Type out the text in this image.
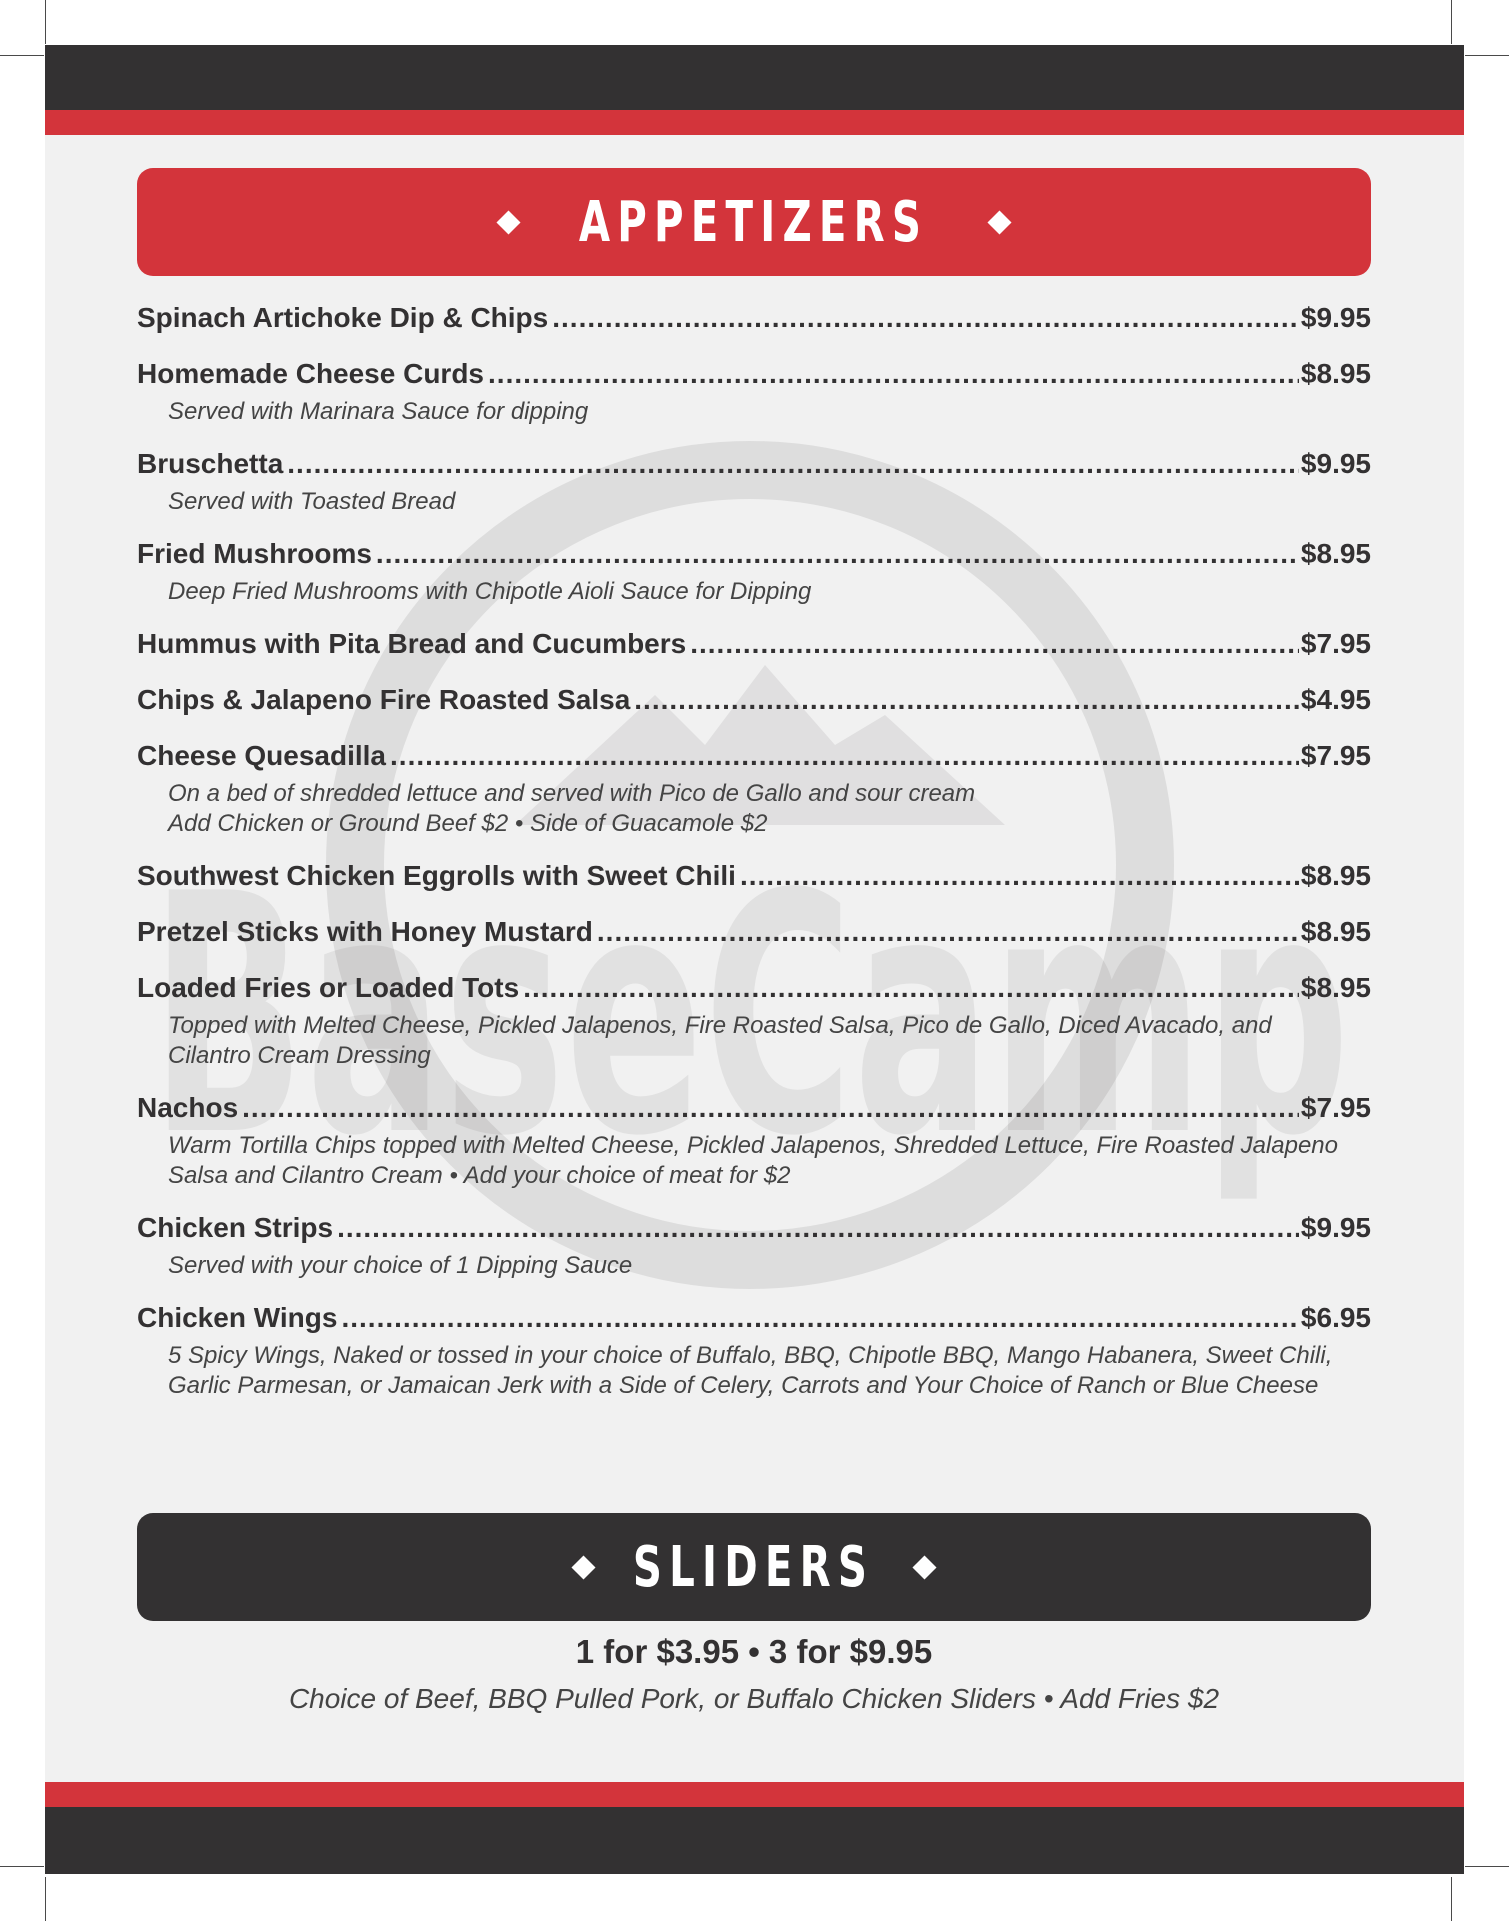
BaseCamp
APPETIZERS
Spinach Artichoke Dip & Chips .....	$9.95
Homemade Cheese Curds .....	$8.95
Served with Marinara Sauce for dipping
Bruschetta .....	$9.95
Served with Toasted Bread
Fried Mushrooms .....	$8.95
Deep Fried Mushrooms with Chipotle Aioli Sauce for Dipping
Hummus with Pita Bread and Cucumbers .....	$7.95
Chips & Jalapeno Fire Roasted Salsa .....	$4.95
Cheese Quesadilla .....	$7.95
On a bed of shredded lettuce and served with Pico de Gallo and sour cream
Add Chicken or Ground Beef $2 • Side of Guacamole $2
Southwest Chicken Eggrolls with Sweet Chili .....	$8.95
Pretzel Sticks with Honey Mustard .....	$8.95
Loaded Fries or Loaded Tots .....	$8.95
Topped with Melted Cheese, Pickled Jalapenos, Fire Roasted Salsa, Pico de Gallo, Diced Avacado, and Cilantro Cream Dressing
Nachos .....	$7.95
Warm Tortilla Chips topped with Melted Cheese, Pickled Jalapenos, Shredded Lettuce, Fire Roasted Jalapeno Salsa and Cilantro Cream • Add your choice of meat for $2
Chicken Strips .....	$9.95
Served with your choice of 1 Dipping Sauce
Chicken Wings .....	$6.95
5 Spicy Wings, Naked or tossed in your choice of Buffalo, BBQ, Chipotle BBQ, Mango Habanera, Sweet Chili, Garlic Parmesan, or Jamaican Jerk with a Side of Celery, Carrots and Your Choice of Ranch or Blue Cheese
SLIDERS
1 for $3.95 • 3 for $9.95
Choice of Beef, BBQ Pulled Pork, or Buffalo Chicken Sliders • Add Fries $2
